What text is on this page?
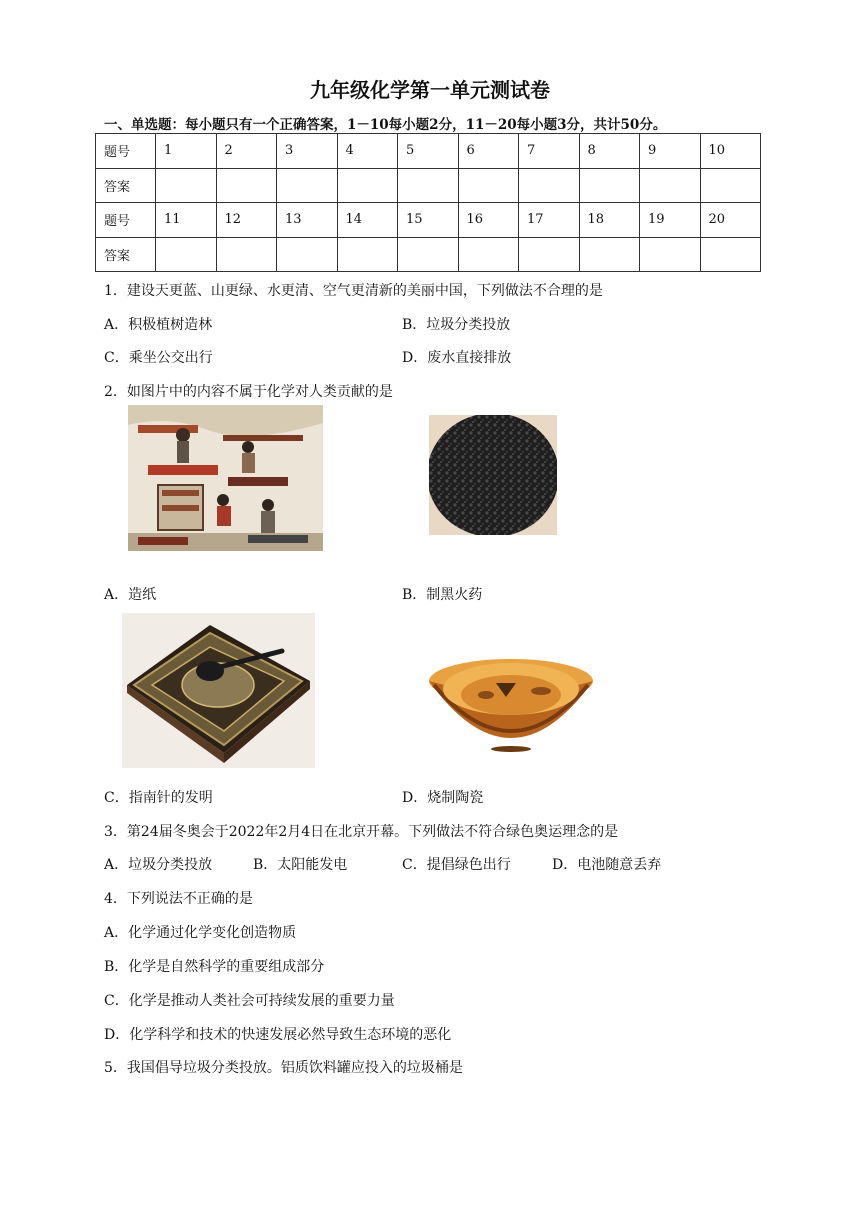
九年级化学第一单元测试卷
一、单选题：每小题只有一个正确答案，1－10每小题2分，11－20每小题3分，共计50分。
题号	1	2	3	4	5	6	7	8	9	10
答案										
题号	11	12	13	14	15	16	17	18	19	20
答案										
1．建设天更蓝、山更绿、水更清、空气更清新的美丽中国，下列做法不合理的是
A．积极植树造林	B．垃圾分类投放
C．乘坐公交出行	D．废水直接排放
2．如图片中的内容不属于化学对人类贡献的是
A．造纸	B．制黑火药
C．指南针的发明	D．烧制陶瓷
3．第24届冬奥会于2022年2月4日在北京开幕。下列做法不符合绿色奥运理念的是
A．垃圾分类投放	B．太阳能发电	C．提倡绿色出行	D．电池随意丢弃
4．下列说法不正确的是
A．化学通过化学变化创造物质
B．化学是自然科学的重要组成部分
C．化学是推动人类社会可持续发展的重要力量
D．化学科学和技术的快速发展必然导致生态环境的恶化
5．我国倡导垃圾分类投放。铝质饮料罐应投入的垃圾桶是
